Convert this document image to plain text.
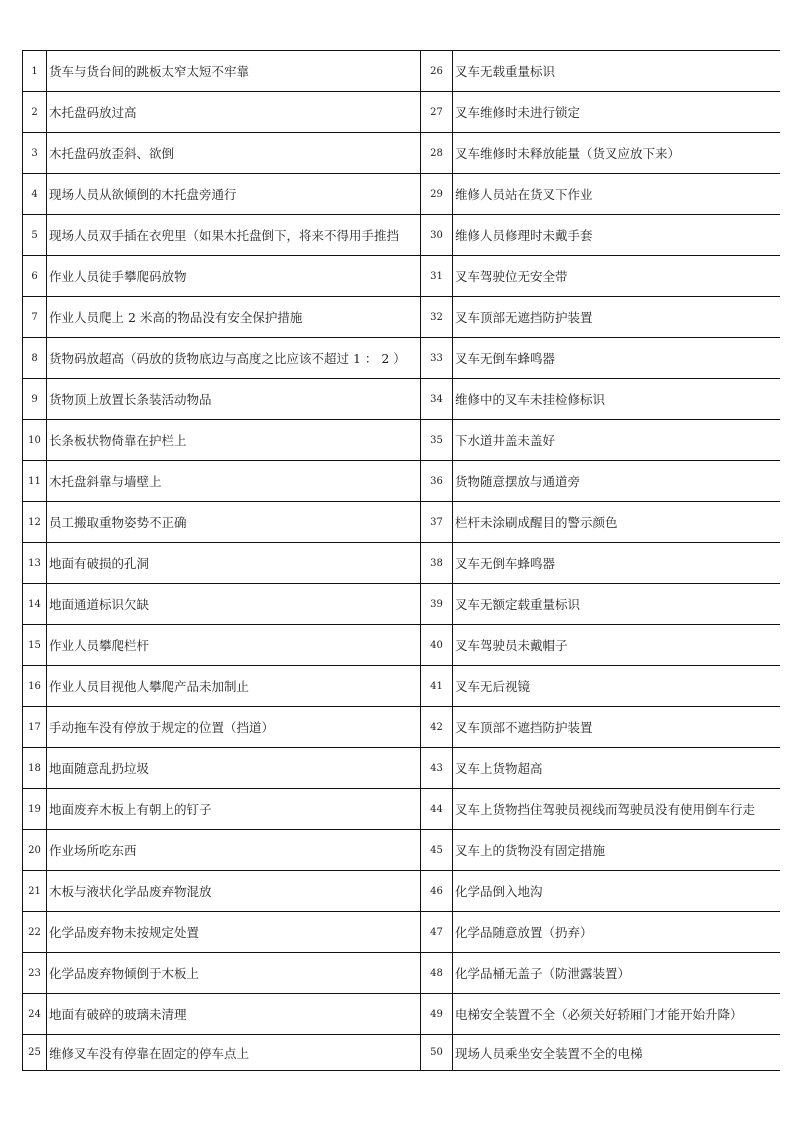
1	货车与货台间的跳板太窄太短不牢靠	26	叉车无载重量标识
2	木托盘码放过高	27	叉车维修时未进行锁定
3	木托盘码放歪斜、欲倒	28	叉车维修时未释放能量（货叉应放下来）
4	现场人员从欲倾倒的木托盘旁通行	29	维修人员站在货叉下作业
5	现场人员双手插在衣兜里（如果木托盘倒下，将来不得用手推挡	30	维修人员修理时未戴手套
6	作业人员徒手攀爬码放物	31	叉车驾驶位无安全带
7	作业人员爬上 2 米高的物品没有安全保护措施	32	叉车顶部无遮挡防护装置
8	货物码放超高（码放的货物底边与高度之比应该不超过 1 ： 2 ）	33	叉车无倒车蜂鸣器
9	货物顶上放置长条装活动物品	34	维修中的叉车未挂检修标识
10	长条板状物倚靠在护栏上	35	下水道井盖未盖好
11	木托盘斜靠与墙壁上	36	货物随意摆放与通道旁
12	员工搬取重物姿势不正确	37	栏杆未涂刷成醒目的警示颜色
13	地面有破损的孔洞	38	叉车无倒车蜂鸣器
14	地面通道标识欠缺	39	叉车无额定载重量标识
15	作业人员攀爬栏杆	40	叉车驾驶员未戴帽子
16	作业人员目视他人攀爬产品未加制止	41	叉车无后视镜
17	手动拖车没有停放于规定的位置（挡道）	42	叉车顶部不遮挡防护装置
18	地面随意乱扔垃圾	43	叉车上货物超高
19	地面废弃木板上有朝上的钉子	44	叉车上货物挡住驾驶员视线而驾驶员没有使用倒车行走
20	作业场所吃东西	45	叉车上的货物没有固定措施
21	木板与液状化学品废弃物混放	46	化学品倒入地沟
22	化学品废弃物未按规定处置	47	化学品随意放置（扔弃）
23	化学品废弃物倾倒于木板上	48	化学品桶无盖子（防泄露装置）
24	地面有破碎的玻璃未清理	49	电梯安全装置不全（必须关好轿厢门才能开始升降）
25	维修叉车没有停靠在固定的停车点上	50	现场人员乘坐安全装置不全的电梯
